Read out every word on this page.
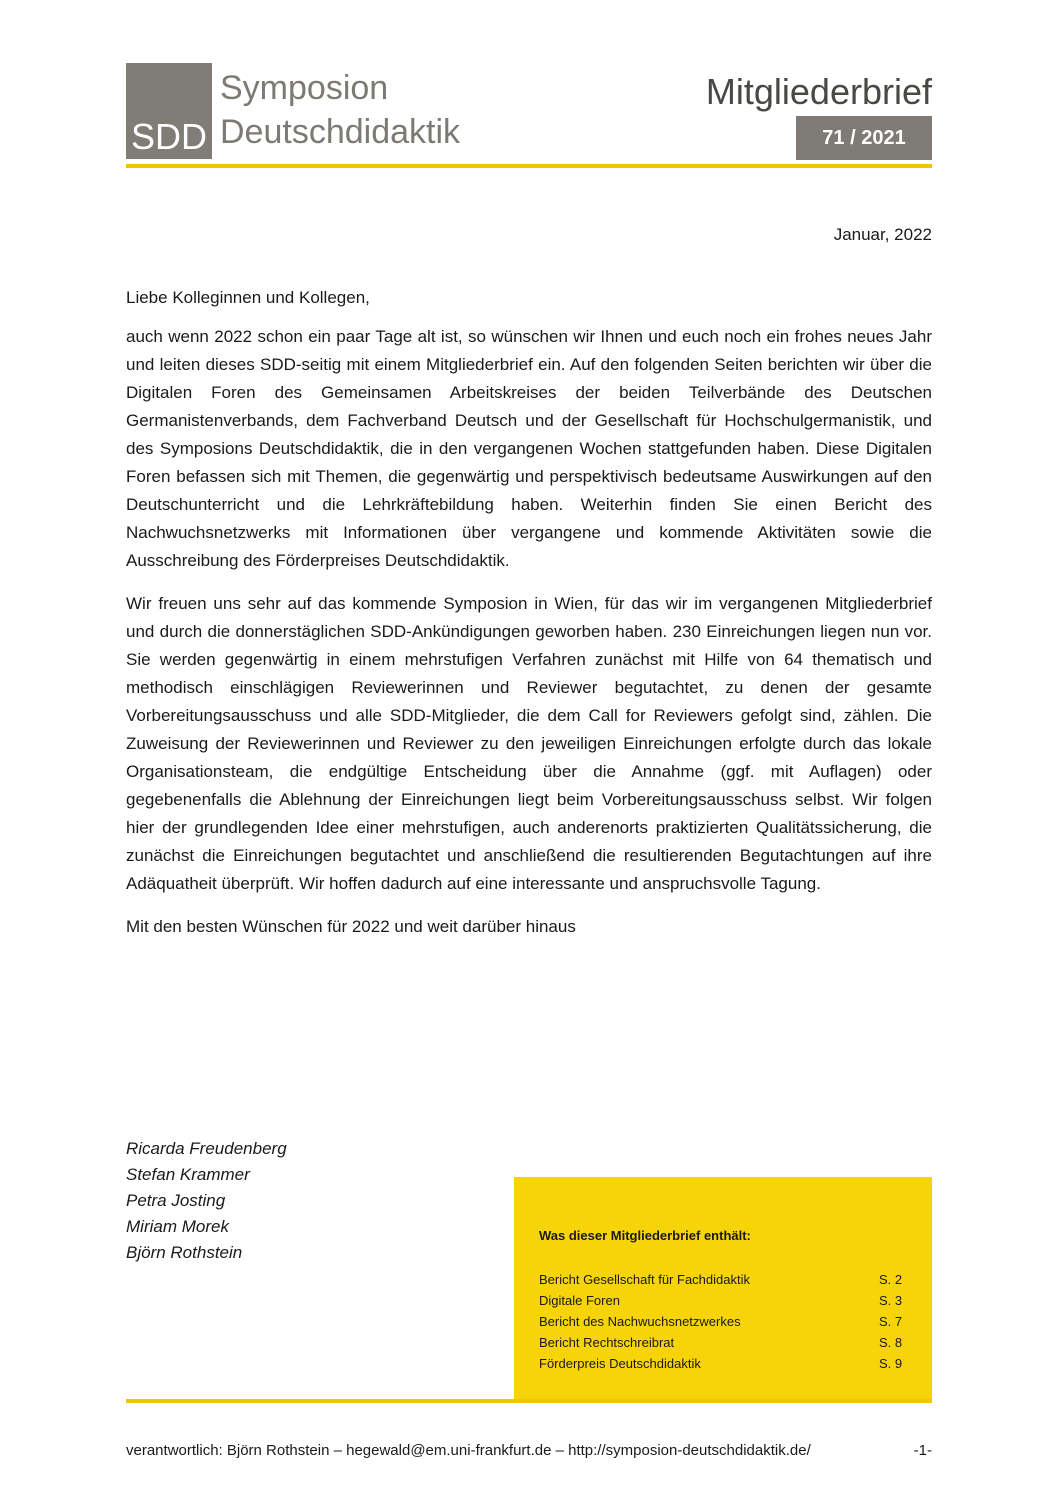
SDD
Symposion
Deutschdidaktik
Mitgliederbrief
71 / 2021
Januar, 2022

Liebe Kolleginnen und Kollegen,

auch wenn 2022 schon ein paar Tage alt ist, so wünschen wir Ihnen und euch noch ein frohes neues Jahr und leiten dieses SDD-seitig mit einem Mitgliederbrief ein. Auf den folgenden Seiten berichten wir über die Digitalen Foren des Gemeinsamen Arbeitskreises der beiden Teilverbände des Deutschen Germanistenverbands, dem Fachverband Deutsch und der Gesellschaft für Hochschulgermanistik, und des Symposions Deutschdidaktik, die in den vergangenen Wochen stattgefunden haben. Diese Digitalen Foren befassen sich mit Themen, die gegenwärtig und perspektivisch bedeutsame Auswirkungen auf den Deutschunterricht und die Lehrkräftebildung haben. Weiterhin finden Sie einen Bericht des Nachwuchsnetzwerks mit Informationen über vergangene und kommende Aktivitäten sowie die Ausschreibung des Förderpreises Deutschdidaktik.

Wir freuen uns sehr auf das kommende Symposion in Wien, für das wir im vergangenen Mitgliederbrief und durch die donnerstäglichen SDD-Ankündigungen geworben haben. 230 Einreichungen liegen nun vor. Sie werden gegenwärtig in einem mehrstufigen Verfahren zunächst mit Hilfe von 64 thematisch und methodisch einschlägigen Reviewerinnen und Reviewer begutachtet, zu denen der gesamte Vorbereitungsausschuss und alle SDD-Mitglieder, die dem Call for Reviewers gefolgt sind, zählen. Die Zuweisung der Reviewerinnen und Reviewer zu den jeweiligen Einreichungen erfolgte durch das lokale Organisationsteam, die endgültige Entscheidung über die Annahme (ggf. mit Auflagen) oder gegebenenfalls die Ablehnung der Einreichungen liegt beim Vorbereitungsausschuss selbst. Wir folgen hier der grundlegenden Idee einer mehrstufigen, auch anderenorts praktizierten Qualitätssicherung, die zunächst die Einreichungen begutachtet und anschließend die resultierenden Begutachtungen auf ihre Adäquatheit überprüft. Wir hoffen dadurch auf eine interessante und anspruchsvolle Tagung.

Mit den besten Wünschen für 2022 und weit darüber hinaus

Ricarda Freudenberg
Stefan Krammer
Petra Josting
Miriam Morek
Björn Rothstein
Was dieser Mitgliederbrief enthält:
Bericht Gesellschaft für Fachdidaktik	S. 2
Digitale Foren	S. 3
Bericht des Nachwuchsnetzwerkes	S. 7
Bericht Rechtschreibrat	S. 8
Förderpreis Deutschdidaktik	S. 9
verantwortlich: Björn Rothstein – hegewald@em.uni-frankfurt.de – http://symposion-deutschdidaktik.de/	-1-
